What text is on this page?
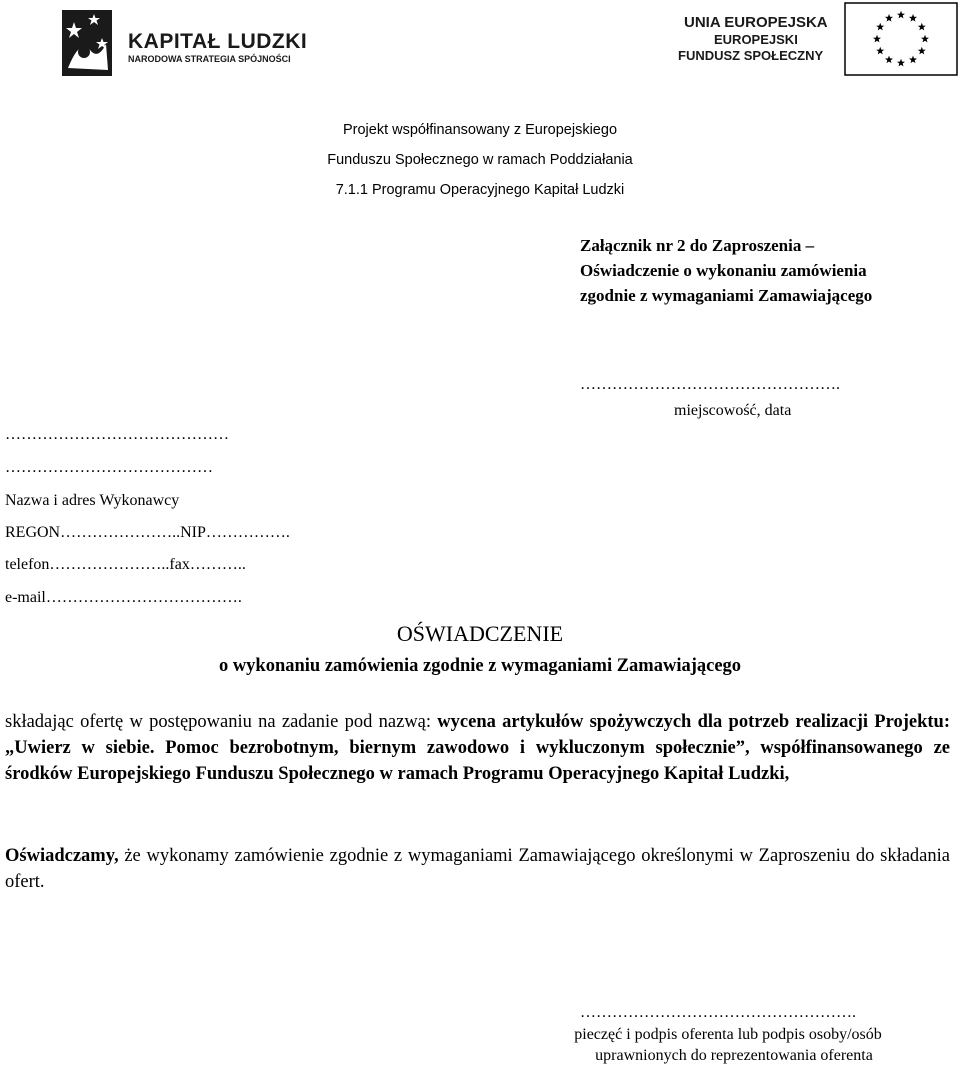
KAPITAŁ LUDZKI
NARODOWA STRATEGIA SPÓJNOŚCI
UNIA EUROPEJSKA
EUROPEJSKI
FUNDUSZ SPOŁECZNY
Projekt współfinansowany z Europejskiego
Funduszu Społecznego w ramach Poddziałania
7.1.1 Programu Operacyjnego Kapitał Ludzki
Załącznik nr 2 do Zaproszenia –
Oświadczenie o wykonaniu zamówienia
zgodnie z wymaganiami Zamawiającego
………………………………………….
miejscowość, data
……………………………………
…………………………………
Nazwa i adres Wykonawcy
REGON…………………..NIP…………….
telefon…………………..fax………..
e-mail……………………………….
OŚWIADCZENIE
o wykonaniu zamówienia zgodnie z wymaganiami Zamawiającego
składając ofertę w postępowaniu na zadanie pod nazwą: wycena artykułów spożywczych dla potrzeb realizacji Projektu: „Uwierz w siebie. Pomoc bezrobotnym, biernym zawodowo i wykluczonym społecznie”, współfinansowanego ze środków Europejskiego Funduszu Społecznego w ramach Programu Operacyjnego Kapitał Ludzki,
Oświadczamy, że wykonamy zamówienie zgodnie z wymaganiami Zamawiającego określonymi w Zaproszeniu do składania ofert.
…………………………………………….
pieczęć i podpis oferenta lub podpis osoby/osób
uprawnionych do reprezentowania oferenta
